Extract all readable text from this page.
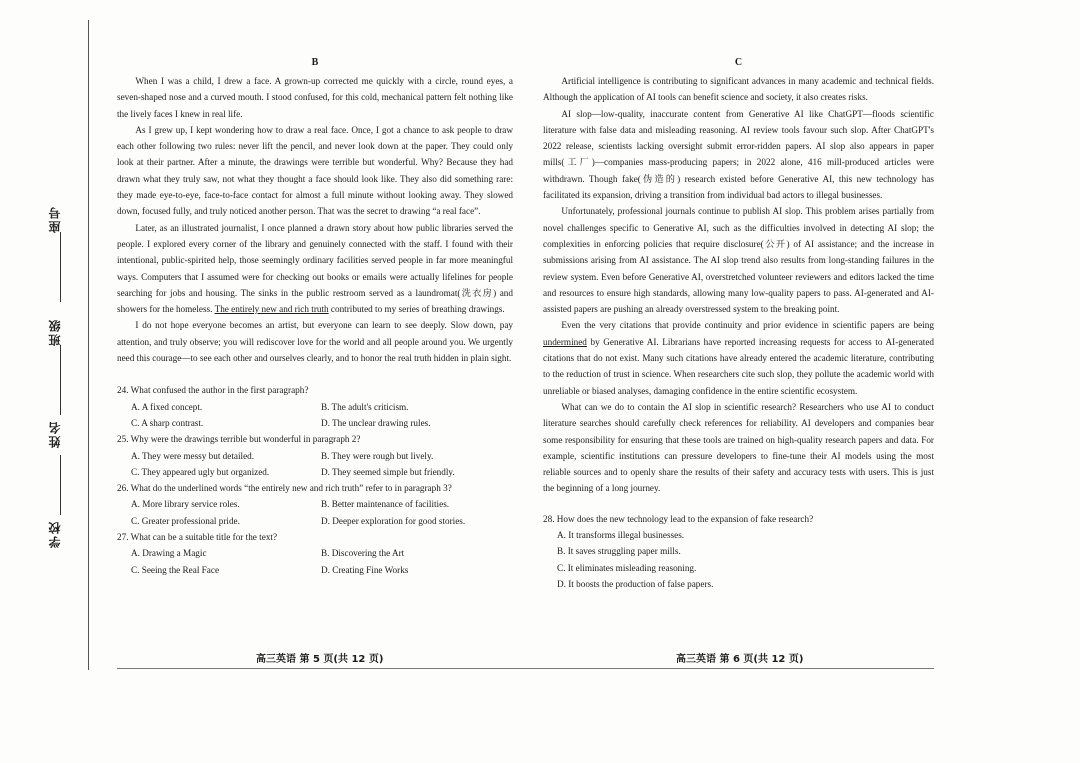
座号
班级
姓名
学校
B

When I was a child, I drew a face. A grown-up corrected me quickly with a circle, round eyes, a seven-shaped nose and a curved mouth. I stood confused, for this cold, mechanical pattern felt nothing like the lively faces I knew in real life.

As I grew up, I kept wondering how to draw a real face. Once, I got a chance to ask people to draw each other following two rules: never lift the pencil, and never look down at the paper. They could only look at their partner. After a minute, the drawings were terrible but wonderful. Why? Because they had drawn what they truly saw, not what they thought a face should look like. They also did something rare: they made eye-to-eye, face-to-face contact for almost a full minute without looking away. They slowed down, focused fully, and truly noticed another person. That was the secret to drawing “a real face”.

Later, as an illustrated journalist, I once planned a drawn story about how public libraries served the people. I explored every corner of the library and genuinely connected with the staff. I found with their intentional, public-spirited help, those seemingly ordinary facilities served people in far more meaningful ways. Computers that I assumed were for checking out books or emails were actually lifelines for people searching for jobs and housing. The sinks in the public restroom served as a laundromat(洗衣房) and showers for the homeless. The entirely new and rich truth contributed to my series of breathing drawings.

I do not hope everyone becomes an artist, but everyone can learn to see deeply. Slow down, pay attention, and truly observe; you will rediscover love for the world and all people around you. We urgently need this courage—to see each other and ourselves clearly, and to honor the real truth hidden in plain sight.

24. What confused the author in the first paragraph?
A. A fixed concept.	B. The adult's criticism.
C. A sharp contrast.	D. The unclear drawing rules.
25. Why were the drawings terrible but wonderful in paragraph 2?
A. They were messy but detailed.	B. They were rough but lively.
C. They appeared ugly but organized.	D. They seemed simple but friendly.
26. What do the underlined words “the entirely new and rich truth” refer to in paragraph 3?
A. More library service roles.	B. Better maintenance of facilities.
C. Greater professional pride.	D. Deeper exploration for good stories.
27. What can be a suitable title for the text?
A. Drawing a Magic	B. Discovering the Art
C. Seeing the Real Face	D. Creating Fine Works
C

Artificial intelligence is contributing to significant advances in many academic and technical fields. Although the application of AI tools can benefit science and society, it also creates risks.

AI slop—low-quality, inaccurate content from Generative AI like ChatGPT—floods scientific literature with false data and misleading reasoning. AI review tools favour such slop. After ChatGPT's 2022 release, scientists lacking oversight submit error-ridden papers. AI slop also appears in paper mills(工厂)—companies mass-producing papers; in 2022 alone, 416 mill-produced articles were withdrawn. Though fake(伪造的) research existed before Generative AI, this new technology has facilitated its expansion, driving a transition from individual bad actors to illegal businesses.

Unfortunately, professional journals continue to publish AI slop. This problem arises partially from novel challenges specific to Generative AI, such as the difficulties involved in detecting AI slop; the complexities in enforcing policies that require disclosure(公开) of AI assistance; and the increase in submissions arising from AI assistance. The AI slop trend also results from long-standing failures in the review system. Even before Generative AI, overstretched volunteer reviewers and editors lacked the time and resources to ensure high standards, allowing many low-quality papers to pass. AI-generated and AI-assisted papers are pushing an already overstressed system to the breaking point.

Even the very citations that provide continuity and prior evidence in scientific papers are being undermined by Generative AI. Librarians have reported increasing requests for access to AI-generated citations that do not exist. Many such citations have already entered the academic literature, contributing to the reduction of trust in science. When researchers cite such slop, they pollute the academic world with unreliable or biased analyses, damaging confidence in the entire scientific ecosystem.

What can we do to contain the AI slop in scientific research? Researchers who use AI to conduct literature searches should carefully check references for reliability. AI developers and companies bear some responsibility for ensuring that these tools are trained on high-quality research papers and data. For example, scientific institutions can pressure developers to fine-tune their AI models using the most reliable sources and to openly share the results of their safety and accuracy tests with users. This is just the beginning of a long journey.

28. How does the new technology lead to the expansion of fake research?
A. It transforms illegal businesses.
B. It saves struggling paper mills.
C. It eliminates misleading reasoning.
D. It boosts the production of false papers.
高三英语 第 5 页(共 12 页)	高三英语 第 6 页(共 12 页)
